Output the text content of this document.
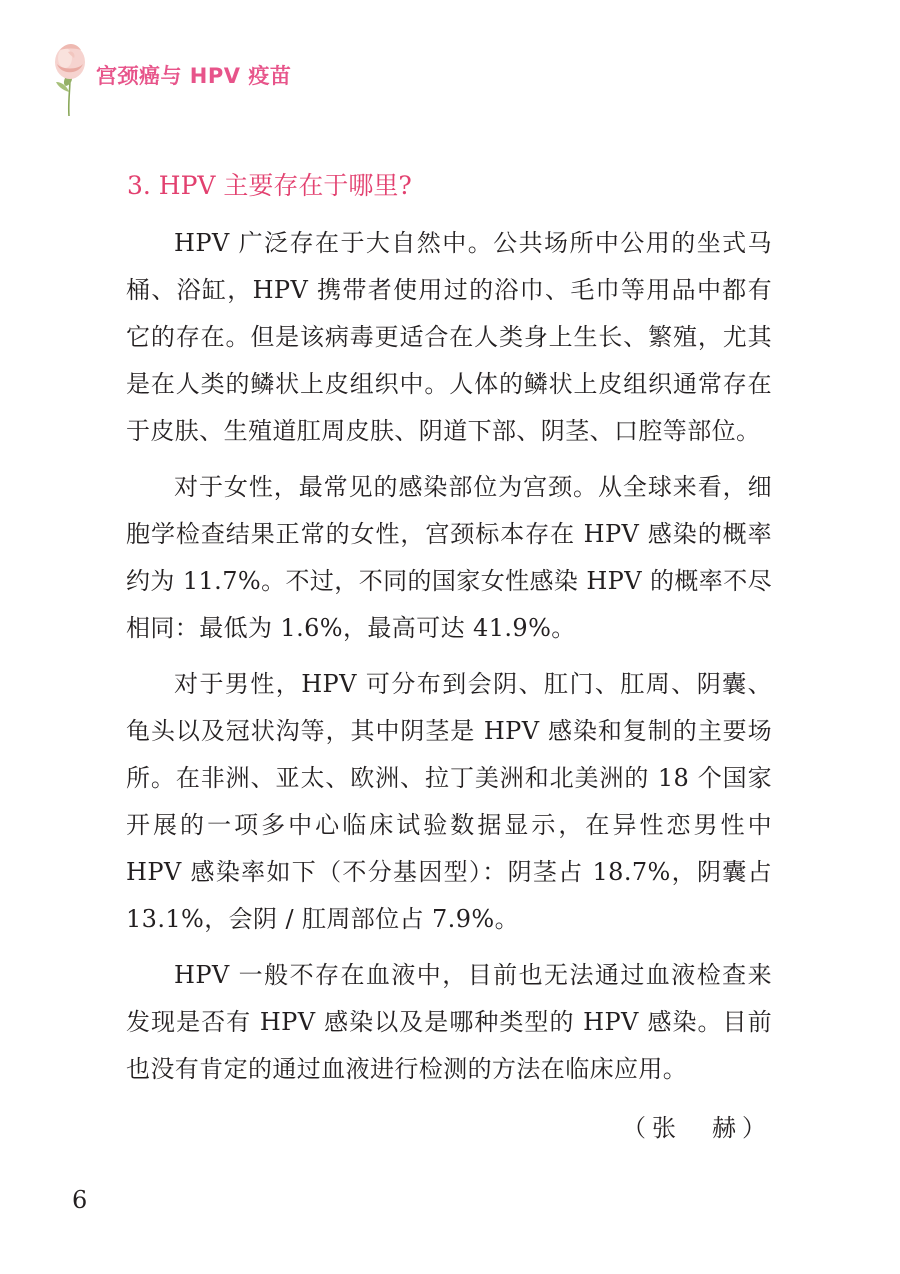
宫颈癌与 HPV 疫苗
3. HPV 主要存在于哪里?

HPV 广泛存在于大自然中。公共场所中公用的坐式马桶、浴缸，HPV 携带者使用过的浴巾、毛巾等用品中都有它的存在。但是该病毒更适合在人类身上生长、繁殖，尤其是在人类的鳞状上皮组织中。人体的鳞状上皮组织通常存在于皮肤、生殖道肛周皮肤、阴道下部、阴茎、口腔等部位。

对于女性，最常见的感染部位为宫颈。从全球来看，细胞学检查结果正常的女性，宫颈标本存在 HPV 感染的概率约为 11.7%。不过，不同的国家女性感染 HPV 的概率不尽相同：最低为 1.6%，最高可达 41.9%。

对于男性，HPV 可分布到会阴、肛门、肛周、阴囊、龟头以及冠状沟等，其中阴茎是 HPV 感染和复制的主要场所。在非洲、亚太、欧洲、拉丁美洲和北美洲的 18 个国家开展的一项多中心临床试验数据显示，在异性恋男性中 HPV 感染率如下（不分基因型）：阴茎占 18.7%，阴囊占 13.1%，会阴 / 肛周部位占 7.9%。

HPV 一般不存在血液中，目前也无法通过血液检查来发现是否有 HPV 感染以及是哪种类型的 HPV 感染。目前也没有肯定的通过血液进行检测的方法在临床应用。

（张　赫）
6
